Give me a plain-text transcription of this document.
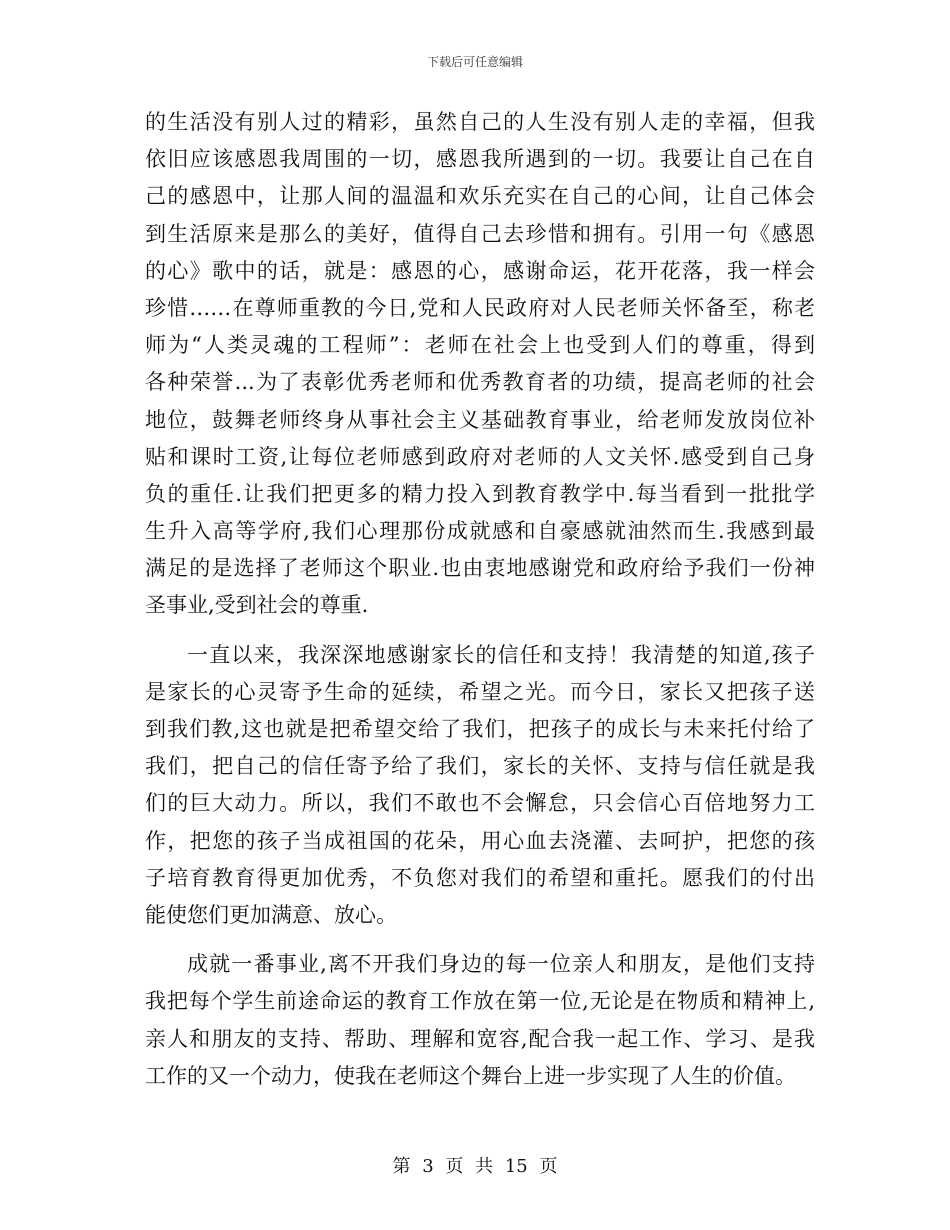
下载后可任意编辑
的生活没有别人过的精彩，虽然自己的人生没有别人走的幸福，但我
依旧应该感恩我周围的一切，感恩我所遇到的一切。我要让自己在自
己的感恩中，让那人间的温温和欢乐充实在自己的心间，让自己体会
到生活原来是那么的美好，值得自己去珍惜和拥有。引用一句《感恩
的心》歌中的话，就是：感恩的心，感谢命运，花开花落，我一样会
珍惜……在尊师重教的今日,党和人民政府对人民老师关怀备至，称老
师为“人类灵魂的工程师”：老师在社会上也受到人们的尊重，得到
各种荣誉...为了表彰优秀老师和优秀教育者的功绩，提高老师的社会
地位，鼓舞老师终身从事社会主义基础教育事业，给老师发放岗位补
贴和课时工资,让每位老师感到政府对老师的人文关怀.感受到自己身
负的重任.让我们把更多的精力投入到教育教学中.每当看到一批批学
生升入高等学府,我们心理那份成就感和自豪感就油然而生.我感到最
满足的是选择了老师这个职业.也由衷地感谢党和政府给予我们一份神
圣事业,受到社会的尊重.
一直以来，我深深地感谢家长的信任和支持！我清楚的知道,孩子
是家长的心灵寄予生命的延续，希望之光。而今日，家长又把孩子送
到我们教,这也就是把希望交给了我们，把孩子的成长与未来托付给了
我们，把自己的信任寄予给了我们，家长的关怀、支持与信任就是我
们的巨大动力。所以，我们不敢也不会懈怠，只会信心百倍地努力工
作，把您的孩子当成祖国的花朵，用心血去浇灌、去呵护，把您的孩
子培育教育得更加优秀，不负您对我们的希望和重托。愿我们的付出
能使您们更加满意、放心。
成就一番事业,离不开我们身边的每一位亲人和朋友，是他们支持
我把每个学生前途命运的教育工作放在第一位,无论是在物质和精神上,
亲人和朋友的支持、帮助、理解和宽容,配合我一起工作、学习、是我
工作的又一个动力，使我在老师这个舞台上进一步实现了人生的价值。
第 3 页 共 15 页
